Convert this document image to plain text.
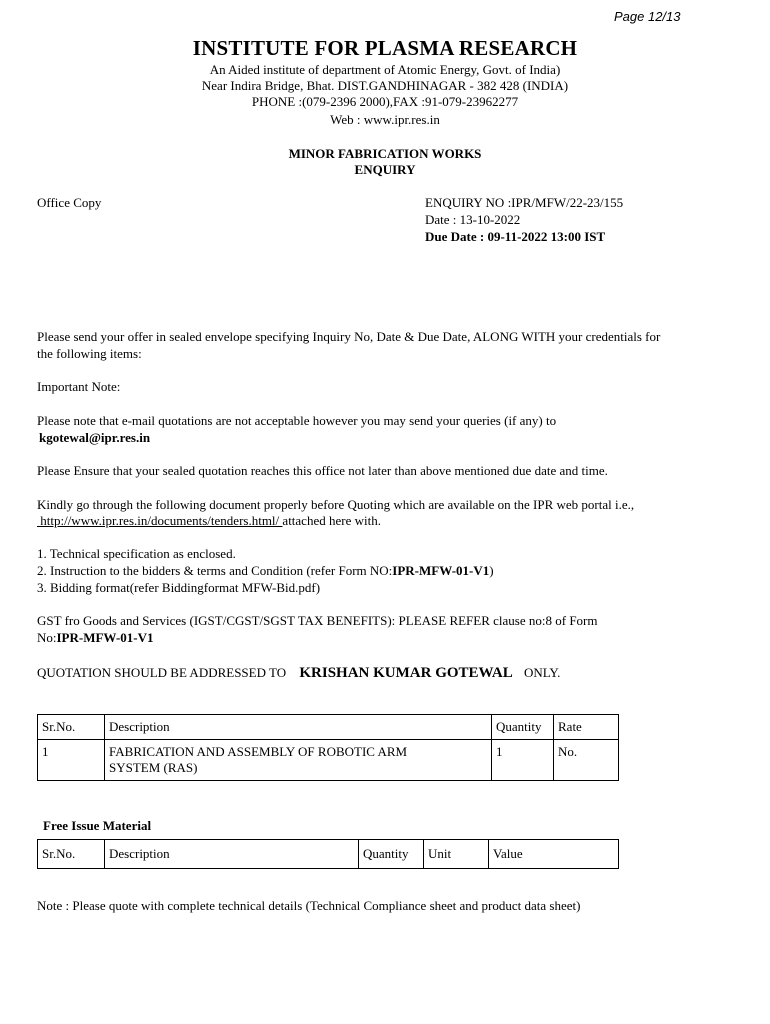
Page 12/13
INSTITUTE FOR PLASMA RESEARCH
An Aided institute of department of Atomic Energy, Govt. of India)
Near Indira Bridge, Bhat. DIST.GANDHINAGAR - 382 428 (INDIA)
PHONE :(079-2396 2000),FAX :91-079-23962277
Web : www.ipr.res.in
MINOR FABRICATION WORKS
ENQUIRY
Office Copy	ENQUIRY NO :IPR/MFW/22-23/155
Date : 13-10-2022
Due Date : 09-11-2022 13:00 IST
Please send your offer in sealed envelope specifying Inquiry No, Date & Due Date, ALONG WITH your credentials for
the following items:
Important Note:
Please note that e-mail quotations are not acceptable however you may send your queries (if any) to
kgotewal@ipr.res.in
Please Ensure that your sealed quotation reaches this office not later than above mentioned due date and time.
Kindly go through the following document properly before Quoting which are available on the IPR web portal i.e.,
http://www.ipr.res.in/documents/tenders.html/ attached here with.
1. Technical specification as enclosed.
2. Instruction to the bidders & terms and Condition (refer Form NO:IPR-MFW-01-V1)
3. Bidding format(refer Biddingformat MFW-Bid.pdf)
GST fro Goods and Services (IGST/CGST/SGST TAX BENEFITS): PLEASE REFER clause no:8 of Form
No:IPR-MFW-01-V1
QUOTATION SHOULD BE ADDRESSED TO KRISHAN KUMAR GOTEWAL ONLY.
Sr.No.	Description	Quantity	Rate
1	FABRICATION AND ASSEMBLY OF ROBOTIC ARM SYSTEM (RAS)	1	No.
Free Issue Material
Sr.No.	Description	Quantity	Unit	Value
Note : Please quote with complete technical details (Technical Compliance sheet and product data sheet)
